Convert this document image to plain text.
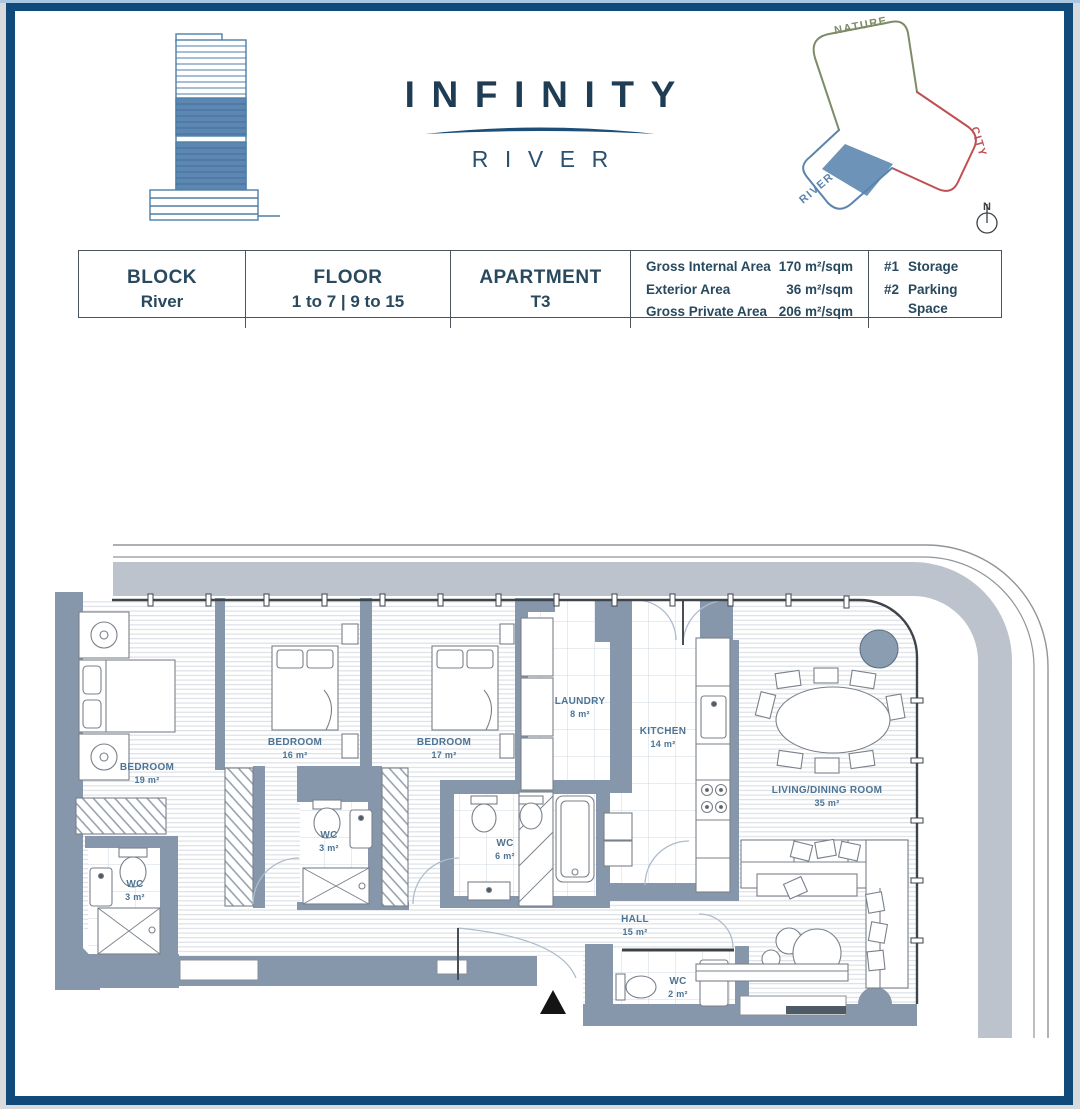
INFINITY
RIVER
NATURE
CITY
RIVER
N
BLOCK
River
FLOOR
1 to 7 | 9 to 15
APARTMENT
T3
Gross Internal Area 170 m²/sqm
Exterior Area	36 m²/sqm
Gross Private Area 206 m²/sqm
#1 Storage
#2 Parking Space
BEDROOM
19 m²
BEDROOM
16 m²
BEDROOM
17 m²
LAUNDRY
8 m²
KITCHEN
14 m²
LIVING/DINING ROOM
35 m²
WC
3 m²
WC
3 m²	WC
6 m²
WC
2 m²
HALL
15 m²
